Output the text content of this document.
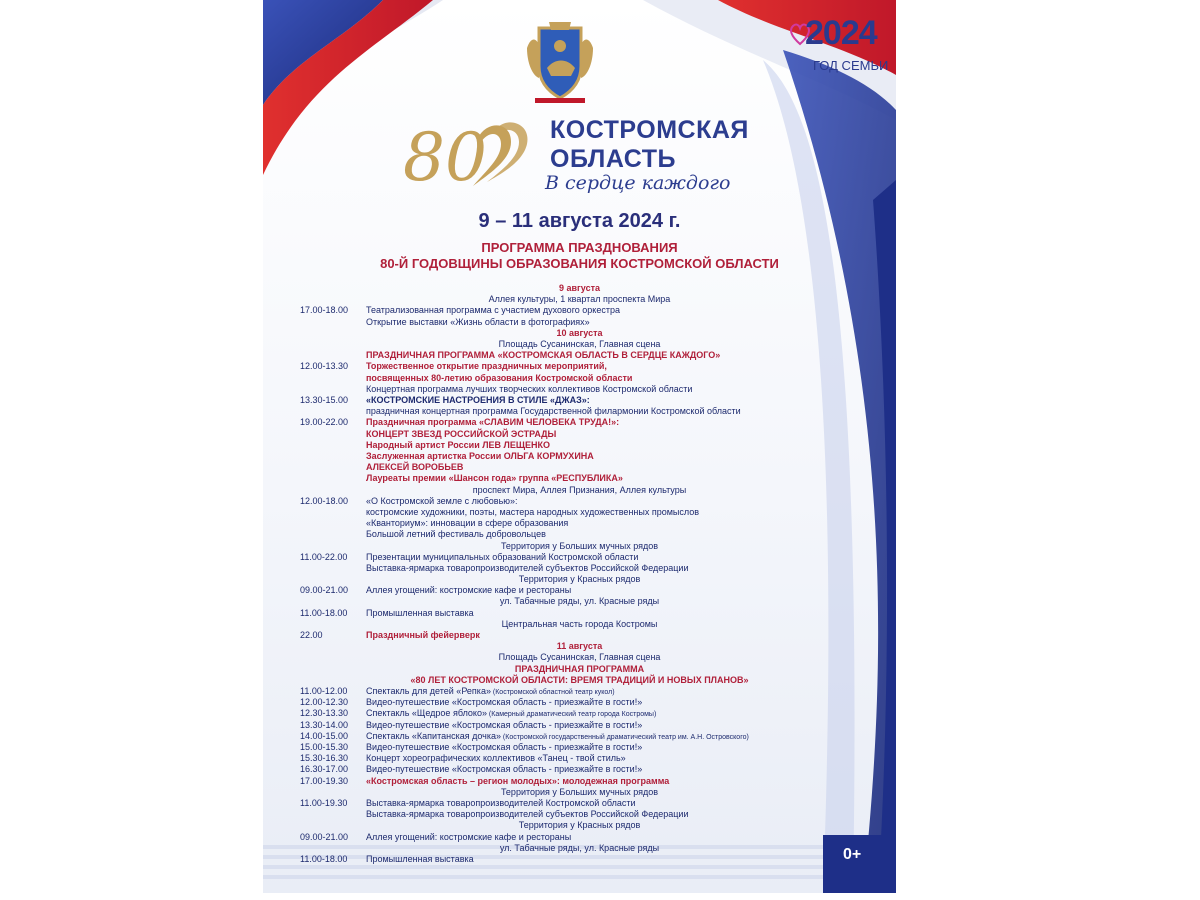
2024
ГОД СЕМЬИ
80	КОСТРОМСКАЯ
ОБЛАСТЬ
В сердце каждого
9 – 11 августа 2024 г.
ПРОГРАММА ПРАЗДНОВАНИЯ
80-Й ГОДОВЩИНЫ ОБРАЗОВАНИЯ КОСТРОМСКОЙ ОБЛАСТИ
9 августа
Аллея культуры, 1 квартал проспекта Мира
17.00-18.00 Театрализованная программа с участием духового оркестра
Открытие выставки «Жизнь области в фотографиях»
10 августа
Площадь Сусанинская, Главная сцена
ПРАЗДНИЧНАЯ ПРОГРАММА «КОСТРОМСКАЯ ОБЛАСТЬ В СЕРДЦЕ КАЖДОГО»
12.00-13.30 Торжественное открытие праздничных мероприятий,
посвященных 80-летию образования Костромской области
Концертная программа лучших творческих коллективов Костромской области
13.30-15.00 «КОСТРОМСКИЕ НАСТРОЕНИЯ В СТИЛЕ «ДЖАЗ»:
праздничная концертная программа Государственной филармонии Костромской области
19.00-22.00 Праздничная программа «СЛАВИМ ЧЕЛОВЕКА ТРУДА!»:
КОНЦЕРТ ЗВЕЗД РОССИЙСКОЙ ЭСТРАДЫ
Народный артист России ЛЕВ ЛЕЩЕНКО
Заслуженная артистка России ОЛЬГА КОРМУХИНА
АЛЕКСЕЙ ВОРОБЬЕВ
Лауреаты премии «Шансон года» группа «РЕСПУБЛИКА»
проспект Мира, Аллея Признания, Аллея культуры
12.00-18.00 «О Костромской земле с любовью»:
костромские художники, поэты, мастера народных художественных промыслов
«Кванториум»: инновации в сфере образования
Большой летний фестиваль добровольцев
Территория у Больших мучных рядов
11.00-22.00 Презентации муниципальных образований Костромской области
Выставка-ярмарка товаропроизводителей субъектов Российской Федерации
Территория у Красных рядов
09.00-21.00 Аллея угощений: костромские кафе и рестораны
ул. Табачные ряды, ул. Красные ряды
11.00-18.00 Промышленная выставка
Центральная часть города Костромы
22.00	Праздничный фейерверк
11 августа
Площадь Сусанинская, Главная сцена
ПРАЗДНИЧНАЯ ПРОГРАММА
«80 ЛЕТ КОСТРОМСКОЙ ОБЛАСТИ: ВРЕМЯ ТРАДИЦИЙ И НОВЫХ ПЛАНОВ»
11.00-12.00 Спектакль для детей «Репка» (Костромской областной театр кукол)
12.00-12.30 Видео-путешествие «Костромская область - приезжайте в гости!»
12.30-13.30 Спектакль «Щедрое яблоко» (Камерный драматический театр города Костромы)
13.30-14.00 Видео-путешествие «Костромская область - приезжайте в гости!»
14.00-15.00 Спектакль «Капитанская дочка» (Костромской государственный драматический театр им. А.Н. Островского)
15.00-15.30 Видео-путешествие «Костромская область - приезжайте в гости!»
15.30-16.30 Концерт хореографических коллективов «Танец - твой стиль»
16.30-17.00 Видео-путешествие «Костромская область - приезжайте в гости!»
17.00-19.30 «Костромская область – регион молодых»: молодежная программа
Территория у Больших мучных рядов
11.00-19.30 Выставка-ярмарка товаропроизводителей Костромской области
Выставка-ярмарка товаропроизводителей субъектов Российской Федерации
Территория у Красных рядов
09.00-21.00 Аллея угощений: костромские кафе и рестораны
ул. Табачные ряды, ул. Красные ряды
11.00-18.00 Промышленная выставка	0+
